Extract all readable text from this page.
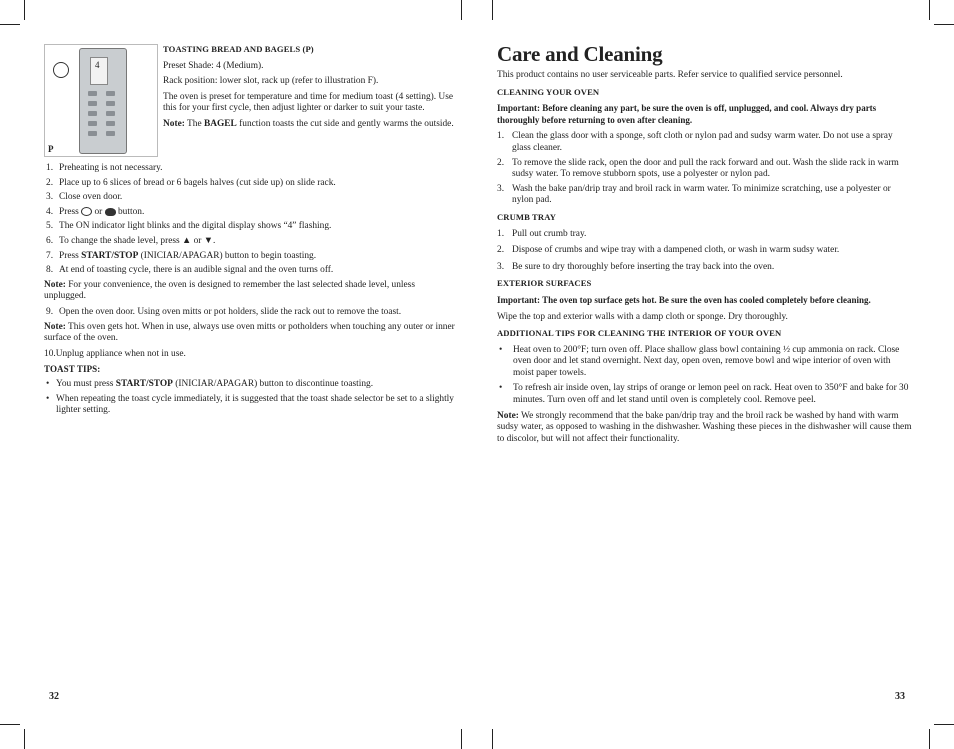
4
P

TOASTING BREAD AND BAGELS (P)

Preset Shade: 4 (Medium).

Rack position: lower slot, rack up (refer to illustration F).

The oven is preset for temperature and time for medium toast (4 setting). Use this for your first cycle, then adjust lighter or darker to suit your taste.

Note: The BAGEL function toasts the cut side and gently warms the outside.

1. Preheating is not necessary.
2. Place up to 6 slices of bread or 6 bagels halves (cut side up) on slide rack.
3. Close oven door.
4. Press  or  button.
5. The ON indicator light blinks and the digital display shows “4” flashing.
6. To change the shade level, press ▲ or ▼.
7. Press START/STOP (INICIAR/APAGAR) button to begin toasting.
8. At end of toasting cycle, there is an audible signal and the oven turns off.

Note: For your convenience, the oven is designed to remember the last selected shade level, unless unplugged.

9. Open the oven door. Using oven mitts or pot holders, slide the rack out to remove the toast.

Note: This oven gets hot. When in use, always use oven mitts or potholders when touching any outer or inner surface of the oven.

10.Unplug appliance when not in use.

TOAST TIPS:

• You must press START/STOP (INICIAR/APAGAR) button to discontinue toasting.
• When repeating the toast cycle immediately, it is suggested that the toast shade selector be set to a slightly lighter setting.
32
Care and Cleaning

This product contains no user serviceable parts. Refer service to qualified service personnel.

CLEANING YOUR OVEN

Important: Before cleaning any part, be sure the oven is off, unplugged, and cool. Always dry parts thoroughly before returning to oven after cleaning.

1. Clean the glass door with a sponge, soft cloth or nylon pad and sudsy warm water. Do not use a spray glass cleaner.
2. To remove the slide rack, open the door and pull the rack forward and out. Wash the slide rack in warm sudsy water. To remove stubborn spots, use a polyester or nylon pad.
3. Wash the bake pan/drip tray and broil rack in warm water. To minimize scratching, use a polyester or nylon pad.

CRUMB TRAY

1. Pull out crumb tray.
2. Dispose of crumbs and wipe tray with a dampened cloth, or wash in warm sudsy water.
3. Be sure to dry thoroughly before inserting the tray back into the oven.

EXTERIOR SURFACES

Important: The oven top surface gets hot. Be sure the oven has cooled completely before cleaning.

Wipe the top and exterior walls with a damp cloth or sponge. Dry thoroughly.

ADDITIONAL TIPS FOR CLEANING THE INTERIOR OF YOUR OVEN

•	Heat oven to 200°F; turn oven off. Place shallow glass bowl containing ½ cup ammonia on rack. Close oven door and let stand overnight. Next day, open oven, remove bowl and wipe interior of oven with moist paper towels.
•	To refresh air inside oven, lay strips of orange or lemon peel on rack. Heat oven to 350°F and bake for 30 minutes. Turn oven off and let stand until oven is completely cool. Remove peel.

Note: We strongly recommend that the bake pan/drip tray and the broil rack be washed by hand with warm sudsy water, as opposed to washing in the dishwasher. Washing these pieces in the dishwasher will cause them to discolor, but will not affect their functionality.

33
